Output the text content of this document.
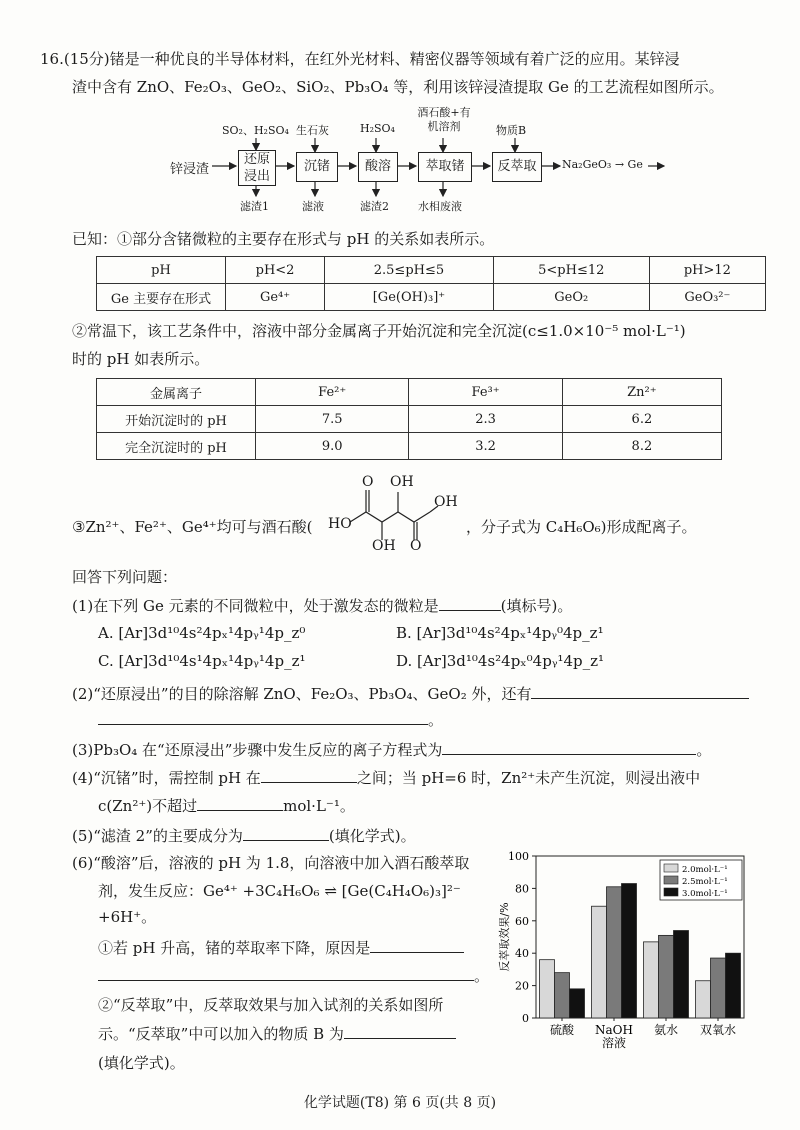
16.(15分)锗是一种优良的半导体材料，在红外光材料、精密仪器等领域有着广泛的应用。某锌浸
渣中含有 ZnO、Fe₂O₃、GeO₂、SiO₂、Pb₃O₄ 等，利用该锌浸渣提取 Ge 的工艺流程如图所示。
锌浸渣
还原浸出
沉锗	酸溶	萃取锗	反萃取
SO₂、H₂SO₄ 生石灰	H₂SO₄
酒石酸+有机溶剂	物质B
滤渣1	滤液	滤渣2	水相废液
Na₂GeO₃ → Ge
已知：①部分含锗微粒的主要存在形式与 pH 的关系如表所示。
pH	pH<2	2.5≤pH≤5	5<pH≤12	pH>12
Ge 主要存在形式	Ge⁴⁺	[Ge(OH)₃]⁺	GeO₂	GeO₃²⁻
②常温下，该工艺条件中，溶液中部分金属离子开始沉淀和完全沉淀(c≤1.0×10⁻⁵ mol·L⁻¹)
时的 pH 如表所示。
金属离子	Fe²⁺	Fe³⁺	Zn²⁺
开始沉淀时的 pH	7.5	2.3	6.2
完全沉淀时的 pH	9.0	3.2	8.2
③Zn²⁺、Fe²⁺、Ge⁴⁺均可与酒石酸(
O OH
OH
HO
OH O
，分子式为 C₄H₆O₆)形成配离子。
回答下列问题：
(1)在下列 Ge 元素的不同微粒中，处于激发态的微粒是	(填标号)。
A. [Ar]3d¹⁰4s²4pₓ¹4pᵧ¹4p_z⁰	B. [Ar]3d¹⁰4s²4pₓ¹4pᵧ⁰4p_z¹
C. [Ar]3d¹⁰4s¹4pₓ¹4pᵧ¹4p_z¹	D. [Ar]3d¹⁰4s²4pₓ⁰4pᵧ¹4p_z¹
(2)“还原浸出”的目的除溶解 ZnO、Fe₂O₃、Pb₃O₄、GeO₂ 外，还有
。
(3)Pb₃O₄ 在“还原浸出”步骤中发生反应的离子方程式为	。
(4)“沉锗”时，需控制 pH 在	之间；当 pH=6 时，Zn²⁺未产生沉淀，则浸出液中
c(Zn²⁺)不超过	mol·L⁻¹。
(5)“滤渣 2”的主要成分为	(填化学式)。
(6)“酸溶”后，溶液的 pH 为 1.8，向溶液中加入酒石酸萃取
剂，发生反应：Ge⁴⁺ +3C₄H₆O₆ ⇌ [Ge(C₄H₄O₆)₃]²⁻
+6H⁺。
①若 pH 升高，锗的萃取率下降，原因是
。
②“反萃取”中，反萃取效果与加入试剂的关系如图所
示。“反萃取”中可以加入的物质 B 为
(填化学式)。
0
20
40
60
80
100
反萃取效果/%
硫酸 NaOH
溶液
氨水 双氧水
2.0mol·L⁻¹
2.5mol·L⁻¹
3.0mol·L⁻¹
化学试题(T8) 第 6 页(共 8 页)
